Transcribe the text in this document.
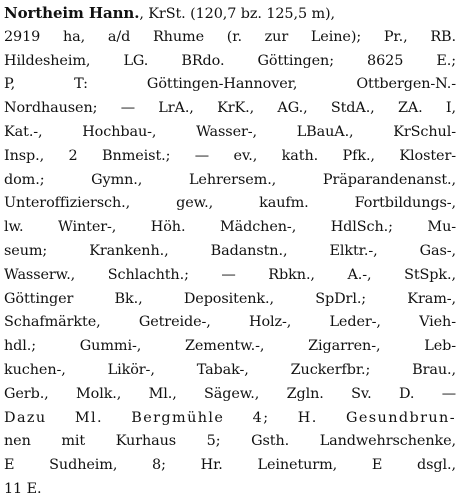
Northeim Hann., KrSt. (120,7 bz. 125,5 m),
2919 ha, a/d Rhume (r. zur Leine); Pr., RB.
Hildesheim, LG. BRdo. Göttingen; 8625 E.;
P, T: Göttingen-Hannover, Ottbergen-N.-
Nordhausen; — LrA., KrK., AG., StdA., ZA. I,
Kat.-, Hochbau-, Wasser-, LBauA., KrSchul-
Insp., 2 Bnmeist.; — ev., kath. Pfk., Kloster-
dom.; Gymn., Lehrersem., Präparandenanst.,
Unteroffiziersch., gew., kaufm. Fortbildungs-,
lw. Winter-, Höh. Mädchen-, HdlSch.; Mu-
seum; Krankenh., Badanstn., Elktr.-, Gas-,
Wasserw., Schlachth.; — Rbkn., A.-, StSpk.,
Göttinger Bk., Depositenk., SpDrl.; Kram-,
Schafmärkte, Getreide-, Holz-, Leder-, Vieh-
hdl.; Gummi-, Zementw.-, Zigarren-, Leb-
kuchen-, Likör-, Tabak-, Zuckerfbr.; Brau.,
Gerb., Molk., Ml., Sägew., Zgln. Sv. D. —
Dazu Ml. Bergmühle 4; H. Gesundbrun-
nen mit Kurhaus 5; Gsth. Landwehrschenke,
E Sudheim, 8; Hr. Leineturm, E dsgl.,
11 E.
